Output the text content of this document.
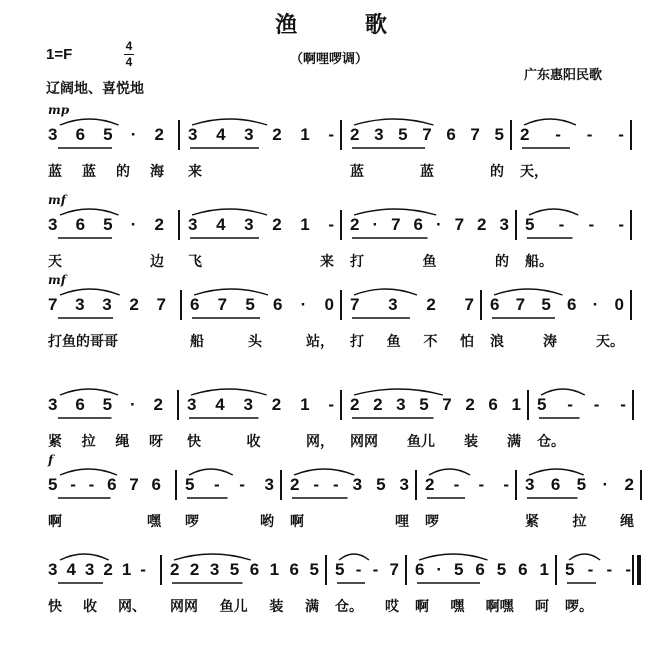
渔 歌
1=F	4
4	（啊哩啰调）
辽阔地、喜悦地
广东惠阳民歌
mp
3 6 5 · 2
蓝 蓝 的 海
3 4 3 2 1 -
来
2 3 5 7 6 7 5
蓝	蓝	的
2 - - -
天，
mf
3 6 5 · 2
天	边
3 4 3 2 1 -
飞	来
2 · 7 6 · 7 2 3
打	鱼	的
5 - - -
船。
mf
7 3 3 2 7
打鱼的哥哥
6 7 5 6 · 0
船	头	站，
7 3 2 7
打 鱼 不 怕
6 7 5 6 · 0
浪	涛	天。
3 6 5 · 2
紧 拉 绳 呀
3 4 3 2 1 -
快	收	网，
2 2 3 5 7 2 6 1
网网 鱼儿 装 满
5 - - -
仓。
f
5 - - 6 7 6
啊	嘿
5 - - 3
啰	哟
2 - - 3 5 3
啊	哩
2 - - -
啰
3 6 5 · 2
紧 拉 绳
3 4 3 2 1 -
快 收 网、
2 2 3 5 6 1 6 5
网网 鱼儿 装 满
5 - - 7
仓。 哎
6 · 5 6 5 6 1
啊 嘿 啊嘿 呵
5 - - -
啰。
